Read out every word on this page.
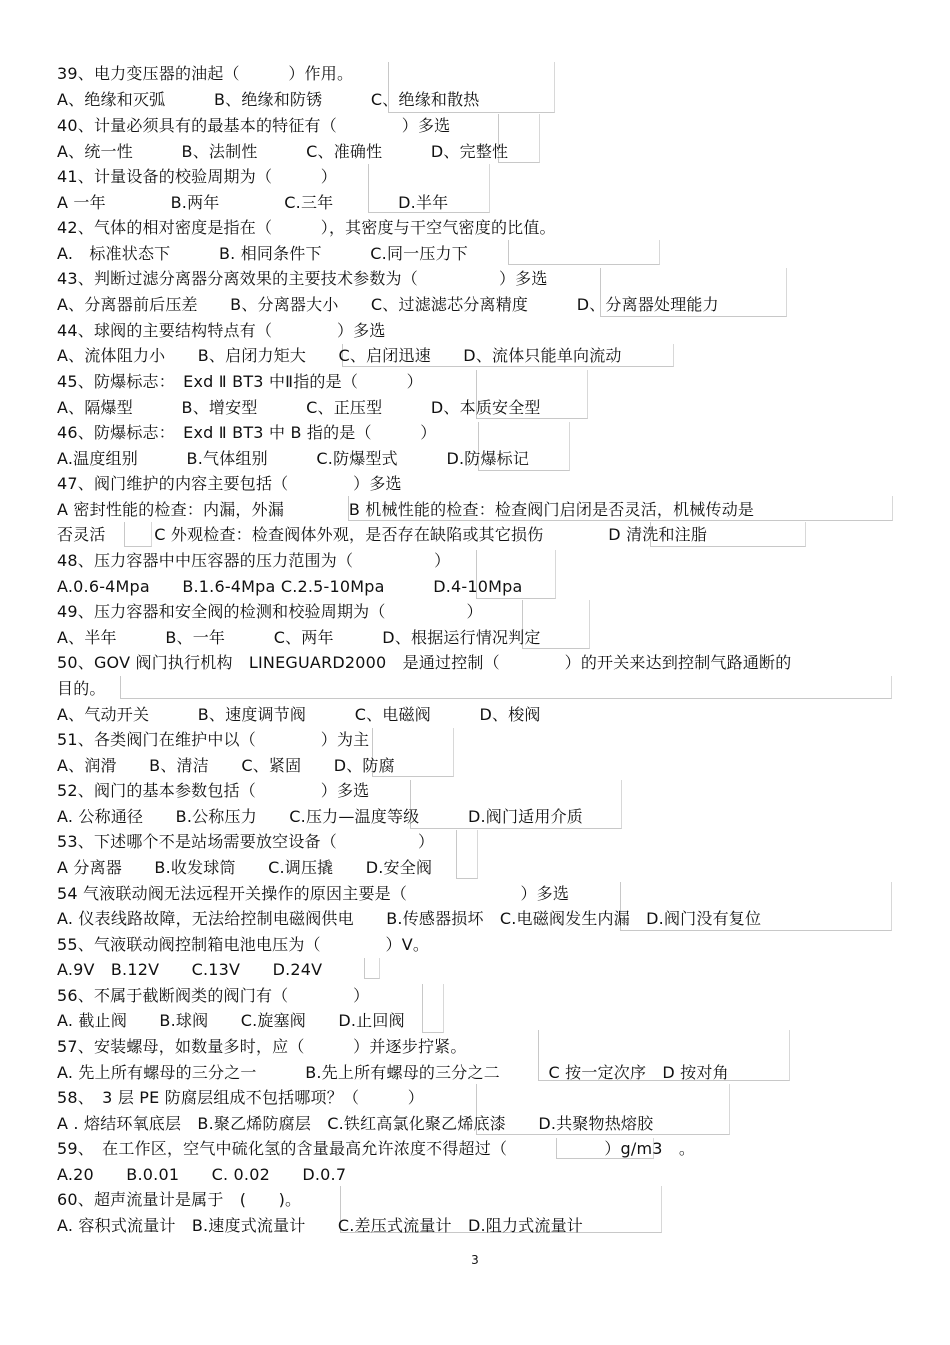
39、电力变压器的油起（　　　）作用。
A、绝缘和灭弧　　　B、绝缘和防锈　　　C、绝缘和散热
40、计量必须具有的最基本的特征有（　　　　）多选
A、统一性　　　B、法制性　　　C、准确性　　　D、完整性
41、计量设备的校验周期为（　　　）
A 一年　　　　B.两年　　　　C.三年　　　　D.半年
42、气体的相对密度是指在（　　　），其密度与干空气密度的比值。
A.　标准状态下　　　B. 相同条件下　　　C.同一压力下
43、判断过滤分离器分离效果的主要技术参数为（　　　　　）多选
A、分离器前后压差　　B、分离器大小　　C、过滤滤芯分离精度　　　D、分离器处理能力
44、球阀的主要结构特点有（　　　　）多选
A、流体阻力小　　B、启闭力矩大　　C、启闭迅速　　D、流体只能单向流动
45、防爆标志：　Exd Ⅱ BT3 中Ⅱ指的是（　　　）
A、隔爆型　　　B、增安型　　　C、正压型　　　D、本质安全型
46、防爆标志：　Exd Ⅱ BT3 中 B 指的是（　　　）
A.温度组别　　　B.气体组别　　　C.防爆型式　　　D.防爆标记
47、阀门维护的内容主要包括（　　　　）多选
A 密封性能的检查：内漏，外漏　　　　B 机械性能的检查：检查阀门启闭是否灵活，机械传动是
否灵活　　　C 外观检查：检查阀体外观，是否存在缺陷或其它损伤　　　　D 清洗和注脂
48、压力容器中中压容器的压力范围为（　　　　　）
A.0.6-4Mpa　　B.1.6-4Mpa C.2.5-10Mpa　　　D.4-10Mpa
49、压力容器和安全阀的检测和校验周期为（　　　　　）
A、半年　　　B、一年　　　C、两年　　　D、根据运行情况判定
50、GOV 阀门执行机构　LINEGUARD2000　是通过控制（　　　　）的开关来达到控制气路通断的
目的。
A、气动开关　　　B、速度调节阀　　　C、电磁阀　　　D、梭阀
51、各类阀门在维护中以（　　　　）为主
A、润滑　　B、清洁　　C、紧固　　D、防腐
52、阀门的基本参数包括（　　　　）多选
A. 公称通径　　B.公称压力　　C.压力—温度等级　　　D.阀门适用介质
53、下述哪个不是站场需要放空设备（　　　　　）
A 分离器　　B.收发球筒　　C.调压撬　　D.安全阀
54 气液联动阀无法远程开关操作的原因主要是（　　　　　　　）多选
A. 仪表线路故障，无法给控制电磁阀供电　　B.传感器损坏　C.电磁阀发生内漏　D.阀门没有复位
55、气液联动阀控制箱电池电压为（　　　　）V。
A.9V　B.12V　　C.13V　　D.24V
56、不属于截断阀类的阀门有（　　　　）
A. 截止阀　　B.球阀　　C.旋塞阀　　D.止回阀
57、安装螺母，如数量多时，应（　　　）并逐步拧紧。
A. 先上所有螺母的三分之一　　　B.先上所有螺母的三分之二　　　C 按一定次序　D 按对角
58、　3 层 PE 防腐层组成不包括哪项？（　　　）
A . 熔结环氧底层　B.聚乙烯防腐层　C.铁红高氯化聚乙烯底漆　　D.共聚物热熔胶
59、　在工作区，空气中硫化氢的含量最高允许浓度不得超过（　　　　　　）g/m3　。
A.20　　B.0.01　　C. 0.02　　D.0.7
60、超声流量计是属于　(　　)。
A. 容积式流量计　B.速度式流量计　　C.差压式流量计　D.阻力式流量计
3
